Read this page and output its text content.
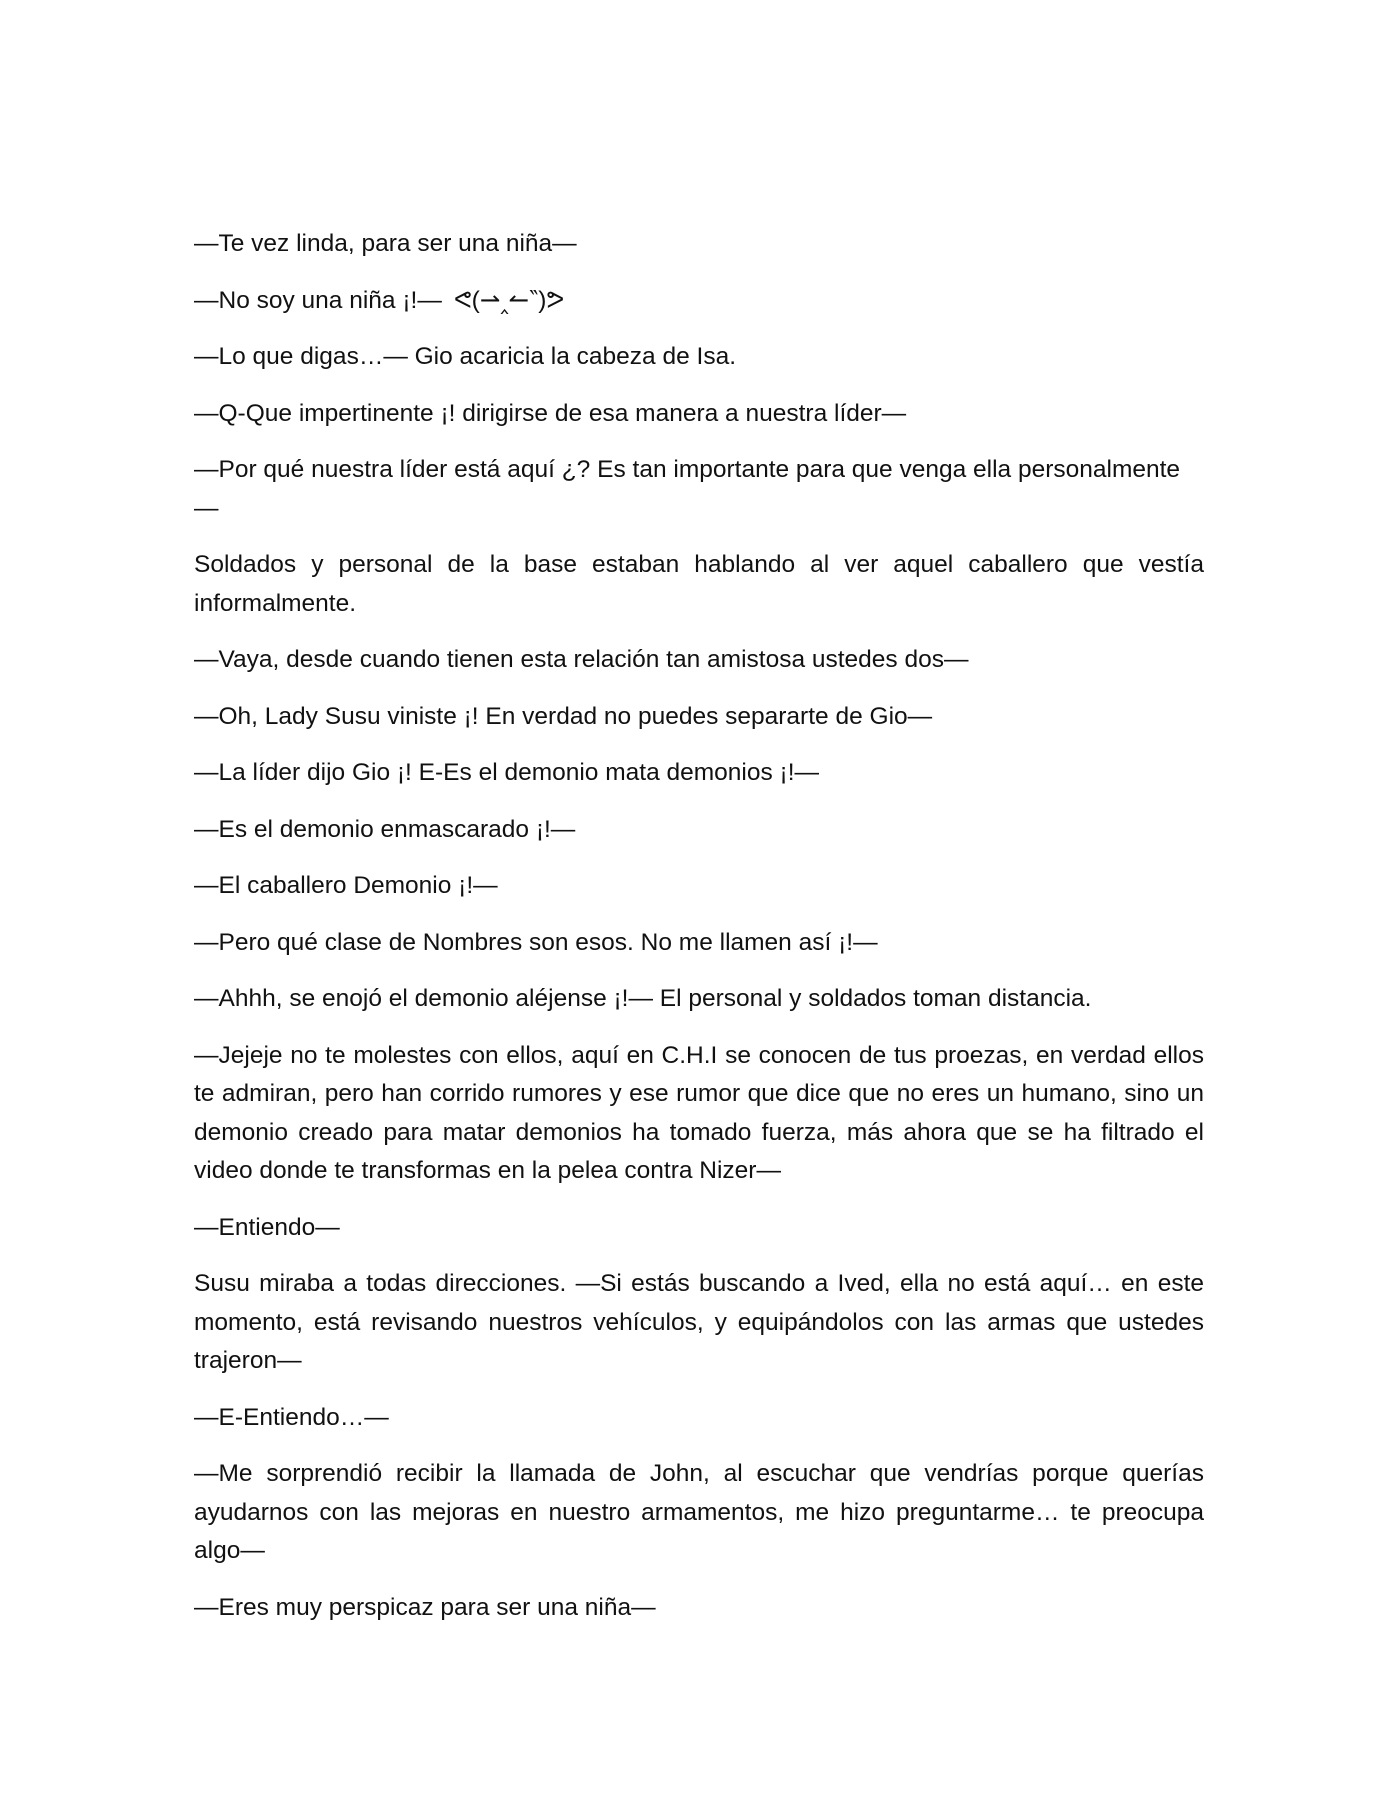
—Te vez linda, para ser una niña—

—No soy una niña ¡!— ᕙ(⇀‸↼‶)ᕗ

—Lo que digas…— Gio acaricia la cabeza de Isa.

—Q-Que impertinente ¡! dirigirse de esa manera a nuestra líder—

—Por qué nuestra líder está aquí ¿? Es tan importante para que venga ella personalmente—

Soldados y personal de la base estaban hablando al ver aquel caballero que vestía informalmente.

—Vaya, desde cuando tienen esta relación tan amistosa ustedes dos—

—Oh, Lady Susu viniste ¡! En verdad no puedes separarte de Gio—

—La líder dijo Gio ¡! E-Es el demonio mata demonios ¡!—

—Es el demonio enmascarado ¡!—

—El caballero Demonio ¡!—

—Pero qué clase de Nombres son esos. No me llamen así ¡!—

—Ahhh, se enojó el demonio aléjense ¡!— El personal y soldados toman distancia.

—Jejeje no te molestes con ellos, aquí en C.H.I se conocen de tus proezas, en verdad ellos te admiran, pero han corrido rumores y ese rumor que dice que no eres un humano, sino un demonio creado para matar demonios ha tomado fuerza, más ahora que se ha filtrado el video donde te transformas en la pelea contra Nizer—

—Entiendo—

Susu miraba a todas direcciones. —Si estás buscando a Ived, ella no está aquí… en este momento, está revisando nuestros vehículos, y equipándolos con las armas que ustedes trajeron—

—E-Entiendo…—

—Me sorprendió recibir la llamada de John, al escuchar que vendrías porque querías ayudarnos con las mejoras en nuestro armamentos, me hizo preguntarme… te preocupa algo—

—Eres muy perspicaz para ser una niña—
